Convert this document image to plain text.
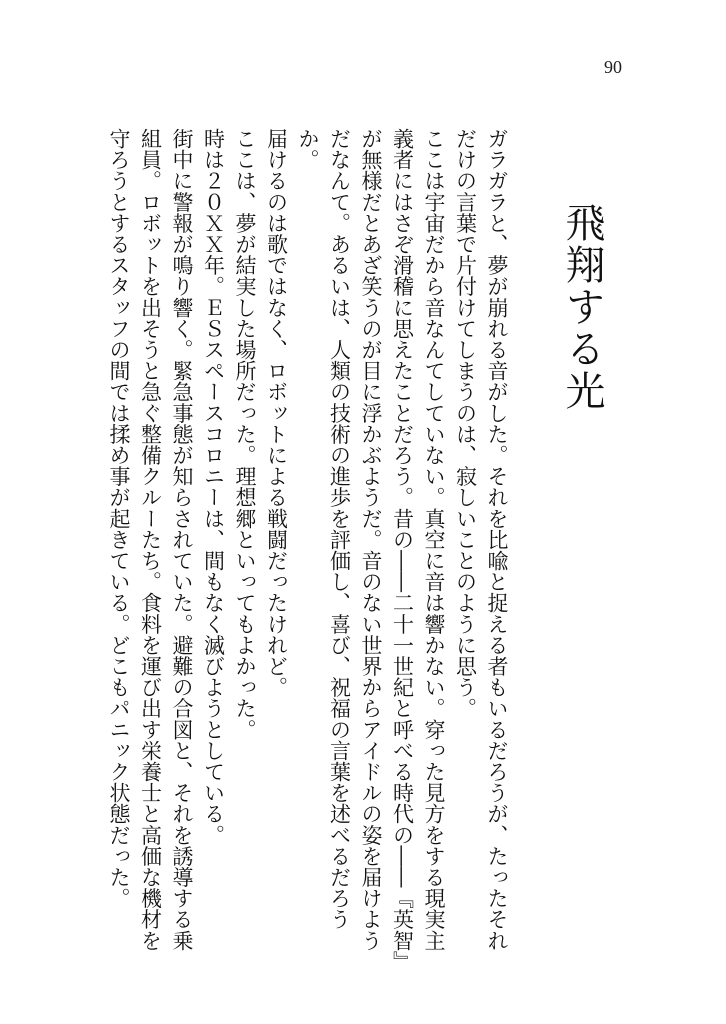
90
飛翔する光

ガラガラと、夢が崩れる音がした。それを比喩と捉える者もいるだろうが、たったそれだけの言葉で片付けてしまうのは、寂しいことのように思う。

ここは宇宙だから音なんてしていない。真空に音は響かない。穿った見方をする現実主義者にはさぞ滑稽に思えたことだろう。昔の――二十一世紀と呼べる時代の――『英智』が無様だとあざ笑うのが目に浮かぶようだ。音のない世界からアイドルの姿を届けようだなんて。あるいは、人類の技術の進歩を評価し、喜び、祝福の言葉を述べるだろうか。

届けるのは歌ではなく、ロボットによる戦闘だったけれど。

ここは、夢が結実した場所だった。理想郷といってもよかった。

時は２０ＸＸ年。ＥＳスペースコロニーは、間もなく滅びようとしている。

街中に警報が鳴り響く。緊急事態が知らされていた。避難の合図と、それを誘導する乗組員。ロボットを出そうと急ぐ整備クルーたち。食料を運び出す栄養士と高価な機材を守ろうとするスタッフの間では揉め事が起きている。どこもパニック状態だった。
